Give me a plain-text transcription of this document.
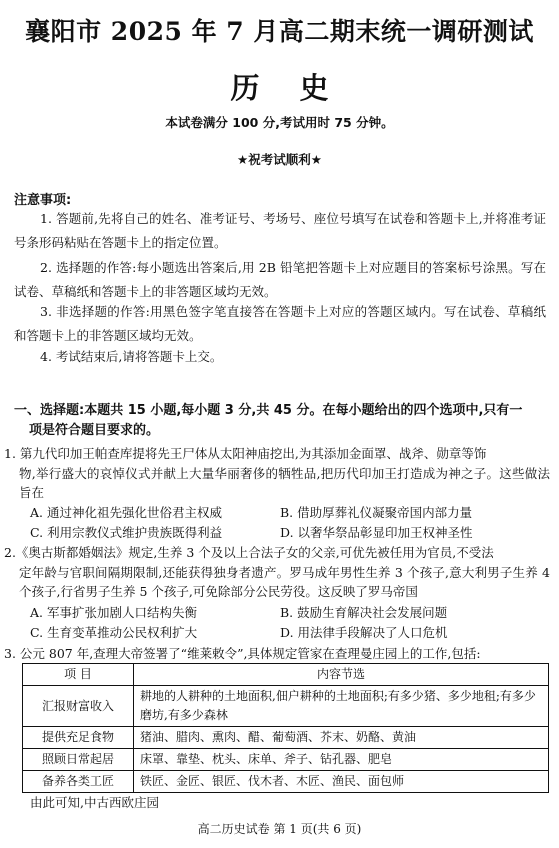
襄阳市 2025 年 7 月高二期末统一调研测试
历史
本试卷满分 100 分,考试用时 75 分钟。
★祝考试顺利★
注意事项:
1. 答题前,先将自己的姓名、准考证号、考场号、座位号填写在试卷和答题卡上,并将准考证号条形码粘贴在答题卡上的指定位置。
2. 选择题的作答:每小题选出答案后,用 2B 铅笔把答题卡上对应题目的答案标号涂黑。写在试卷、草稿纸和答题卡上的非答题区域均无效。
3. 非选择题的作答:用黑色签字笔直接答在答题卡上对应的答题区域内。写在试卷、草稿纸和答题卡上的非答题区域均无效。
4. 考试结束后,请将答题卡上交。
一、选择题:本题共 15 小题,每小题 3 分,共 45 分。在每小题给出的四个选项中,只有一
项是符合题目要求的。
1. 第九代印加王帕查库提将先王尸体从太阳神庙挖出,为其添加金面罩、战斧、勋章等饰
物,举行盛大的哀悼仪式并献上大量华丽奢侈的牺牲品,把历代印加王打造成为神之子。这些做法旨在
A. 通过神化祖先强化世俗君主权威	B. 借助厚葬礼仪凝聚帝国内部力量
C. 利用宗教仪式维护贵族既得利益	D. 以奢华祭品彰显印加王权神圣性
2.《奥古斯都婚姻法》规定,生养 3 个及以上合法子女的父亲,可优先被任用为官员,不受法
定年龄与官职间隔期限制,还能获得独身者遗产。罗马成年男性生养 3 个孩子,意大利男子生养 4 个孩子,行省男子生养 5 个孩子,可免除部分公民劳役。这反映了罗马帝国
A. 军事扩张加剧人口结构失衡	B. 鼓励生育解决社会发展问题
C. 生育变革推动公民权利扩大	D. 用法律手段解决了人口危机
3. 公元 807 年,查理大帝签署了“维莱敕令”,具体规定管家在查理曼庄园上的工作,包括:
项 目	内容节选
汇报财富收入	耕地的人耕种的土地面积,佃户耕种的土地面积;有多少猪、多少地租;有多少磨坊,有多少森林
提供充足食物	猪油、腊肉、熏肉、醋、葡萄酒、芥末、奶酪、黄油
照顾日常起居	床罩、靠垫、枕头、床单、斧子、钻孔器、肥皂
备养各类工匠	铁匠、金匠、银匠、伐木者、木匠、渔民、面包师
由此可知,中古西欧庄园
高二历史试卷 第 1 页(共 6 页)
